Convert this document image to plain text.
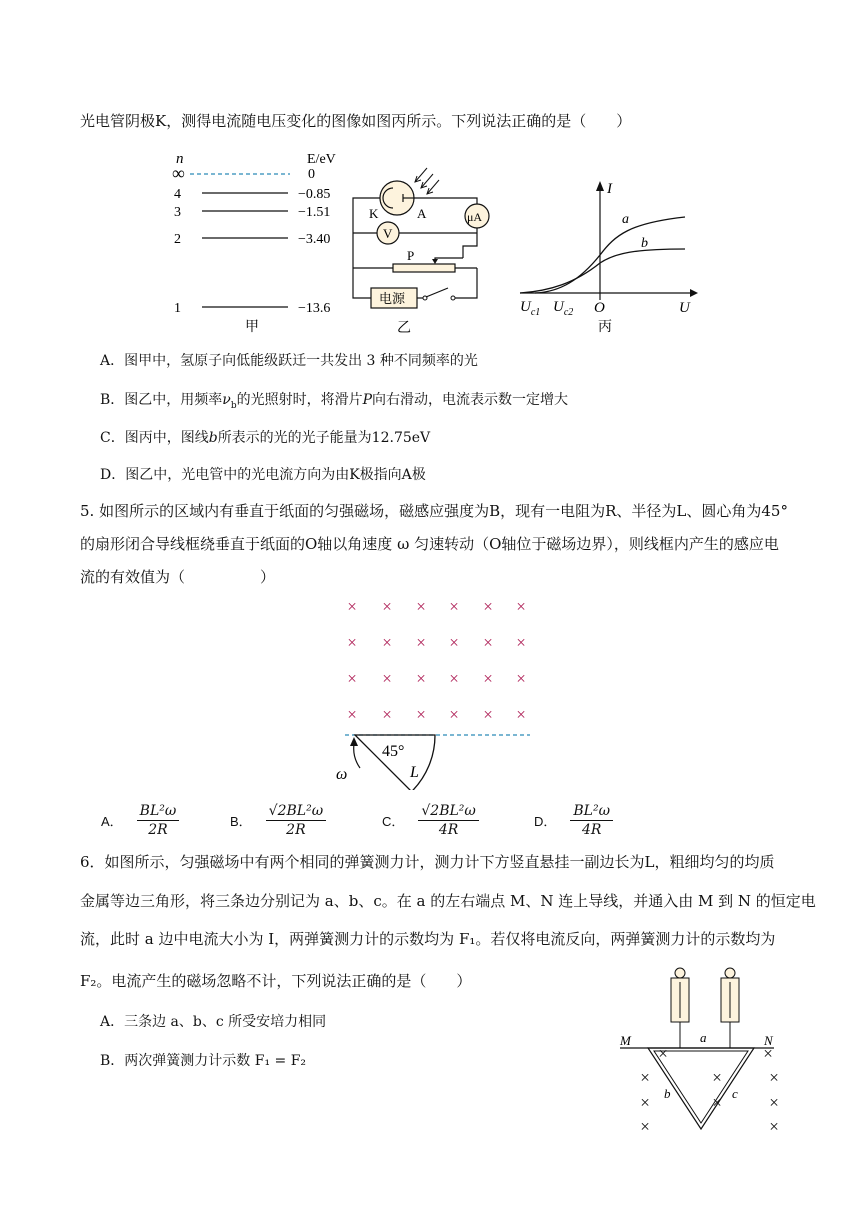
光电管阴极K，测得电流随电压变化的图像如图丙所示。下列说法正确的是（　　）
n	E/eV
∞
4
3
2
1
0
−0.85
−1.51
−3.40
−13.6
甲
K	A	μA
V
P
电源
乙
I
U
O
a
b
$U_{c1}$ $U_{c2}$
丙
A．图甲中，氢原子向低能级跃迁一共发出 3 种不同频率的光
B．图乙中，用频率$\nu_b$的光照射时，将滑片P向右滑动，电流表示数一定增大
C．图丙中，图线b所表示的光的光子能量为12.75eV
D．图乙中，光电管中的光电流方向为由K极指向A极
5. 如图所示的区域内有垂直于纸面的匀强磁场，磁感应强度为B，现有一电阻为R、半径为L、圆心角为45°
的扇形闭合导线框绕垂直于纸面的O轴以角速度 ω 匀速转动（O轴位于磁场边界），则线框内产生的感应电
流的有效值为（　　　　　）
× × × × × ×
× × × × × ×
× × × × × ×
× × × × × ×
45°
L
ω
A． $\frac{\text{BL²ω}}{2R}$	B． $\frac{\text{√2BL²ω}}{2R}$	C． $\frac{\text{√2BL²ω}}{4R}$	D． $\frac{\text{BL²ω}}{4R}$
6．如图所示，匀强磁场中有两个相同的弹簧测力计，测力计下方竖直悬挂一副边长为L，粗细均匀的均质
金属等边三角形，将三条边分别记为 a、b、c。在 a 的左右端点 M、N 连上导线，并通入由 M 到 N 的恒定电
流，此时 a 边中电流大小为 I，两弹簧测力计的示数均为 F₁。若仅将电流反向，两弹簧测力计的示数均为
F₂。电流产生的磁场忽略不计，下列说法正确的是（　　）
A．三条边 a、b、c 所受安培力相同
B．两次弹簧测力计示数 F₁ = F₂	×
×
×
×
×
×
×
×
×
×
M	N
a
b	c
